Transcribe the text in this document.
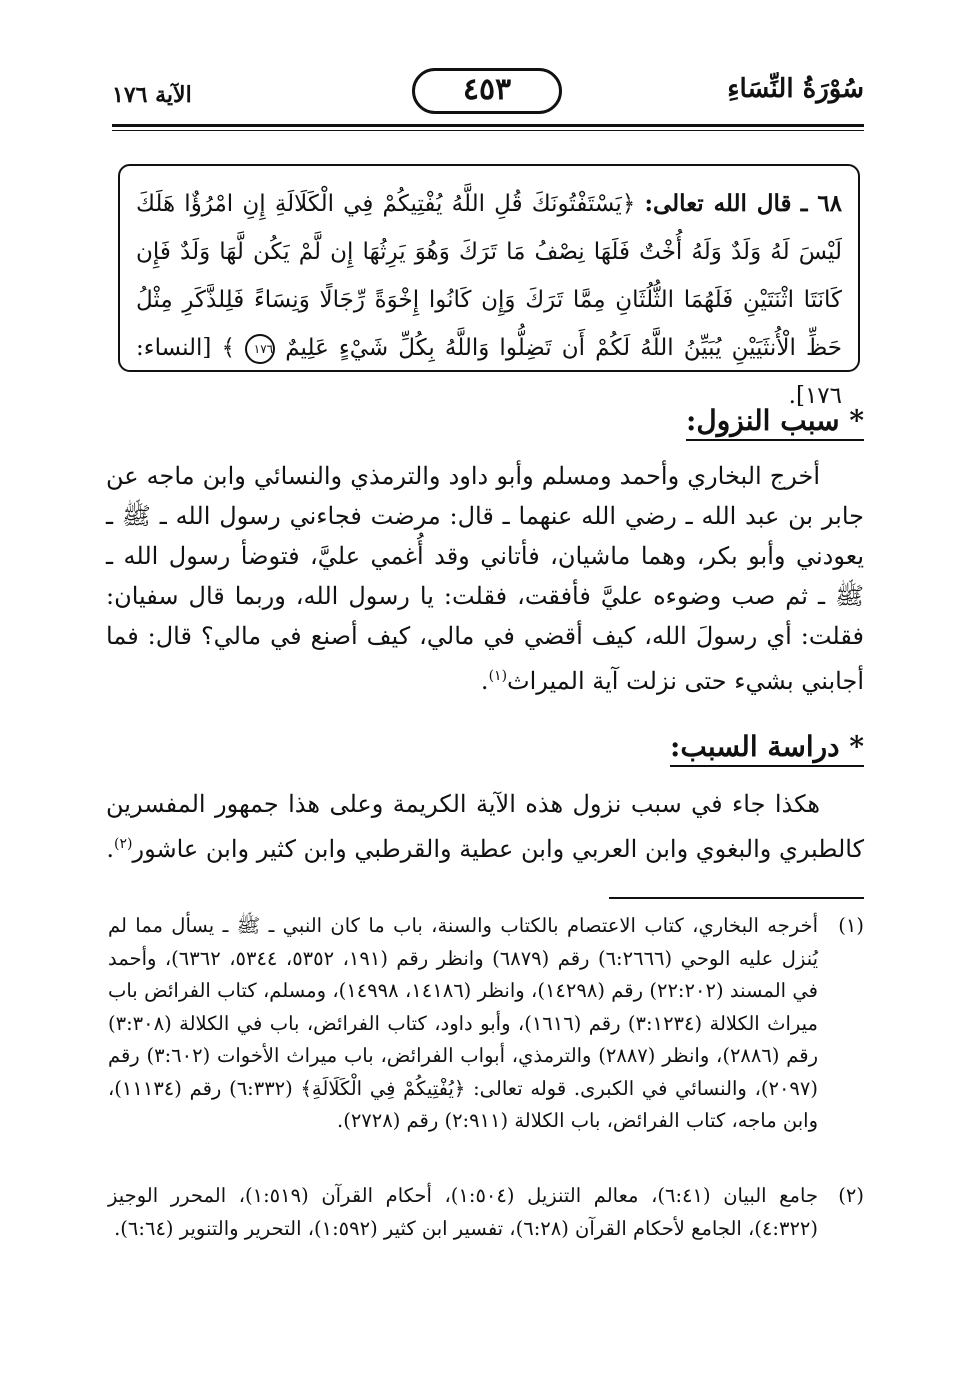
سُوْرَةُ النِّسَاءِ
٤٥٣
الآية ١٧٦
٦٨ ـ قال الله تعالى: ﴿يَسْتَفْتُونَكَ قُلِ اللَّهُ يُفْتِيكُمْ فِي الْكَلَالَةِ إِنِ امْرُؤٌا هَلَكَ لَيْسَ لَهُ وَلَدٌ وَلَهُ أُخْتٌ فَلَهَا نِصْفُ مَا تَرَكَ وَهُوَ يَرِثُهَا إِن لَّمْ يَكُن لَّهَا وَلَدٌ فَإِن كَانَتَا اثْنَتَيْنِ فَلَهُمَا الثُّلُثَانِ مِمَّا تَرَكَ وَإِن كَانُوا إِخْوَةً رِّجَالًا وَنِسَاءً فَلِلذَّكَرِ مِثْلُ حَظِّ الْأُنثَيَيْنِ يُبَيِّنُ اللَّهُ لَكُمْ أَن تَضِلُّوا وَاللَّهُ بِكُلِّ شَيْءٍ عَلِيمٌ ١٧٦ ﴾ [النساء: ١٧٦].
* سبب النزول:
أخرج البخاري وأحمد ومسلم وأبو داود والترمذي والنسائي وابن ماجه عن جابر بن عبد الله ـ رضي الله عنهما ـ قال: مرضت فجاءني رسول الله ـ ﷺ ـ يعودني وأبو بكر، وهما ماشيان، فأتاني وقد أُغمي عليَّ، فتوضأ رسول الله ـ ﷺ ـ ثم صب وضوءه عليَّ فأفقت، فقلت: يا رسول الله، وربما قال سفيان: فقلت: أي رسولَ الله، كيف أقضي في مالي، كيف أصنع في مالي؟ قال: فما أجابني بشيء حتى نزلت آية الميراث$^{(١)}$.
* دراسة السبب:
هكذا جاء في سبب نزول هذه الآية الكريمة وعلى هذا جمهور المفسرين كالطبري والبغوي وابن العربي وابن عطية والقرطبي وابن كثير وابن عاشور$^{(٢)}$.
(١)
أخرجه البخاري، كتاب الاعتصام بالكتاب والسنة، باب ما كان النبي ـ ﷺ ـ يسأل مما لم يُنزل عليه الوحي (٦:٢٦٦٦) رقم (٦٨٧٩) وانظر رقم (١٩١، ٥٣٥٢، ٥٣٤٤، ٦٣٦٢)، وأحمد في المسند (٢٢:٢٠٢) رقم (١٤٢٩٨)، وانظر (١٤١٨٦، ١٤٩٩٨)، ومسلم، كتاب الفرائض باب ميراث الكلالة (٣:١٢٣٤) رقم (١٦١٦)، وأبو داود، كتاب الفرائض، باب في الكلالة (٣:٣٠٨) رقم (٢٨٨٦)، وانظر (٢٨٨٧) والترمذي، أبواب الفرائض، باب ميراث الأخوات (٣:٦٠٢) رقم (٢٠٩٧)، والنسائي في الكبرى. قوله تعالى: ﴿يُفْتِيكُمْ فِي الْكَلَالَةِ﴾ (٦:٣٣٢) رقم (١١١٣٤)، وابن ماجه، كتاب الفرائض، باب الكلالة (٢:٩١١) رقم (٢٧٢٨).
(٢)
جامع البيان (٦:٤١)، معالم التنزيل (١:٥٠٤)، أحكام القرآن (١:٥١٩)، المحرر الوجيز (٤:٣٢٢)، الجامع لأحكام القرآن (٦:٢٨)، تفسير ابن كثير (١:٥٩٢)، التحرير والتنوير (٦:٦٤).
